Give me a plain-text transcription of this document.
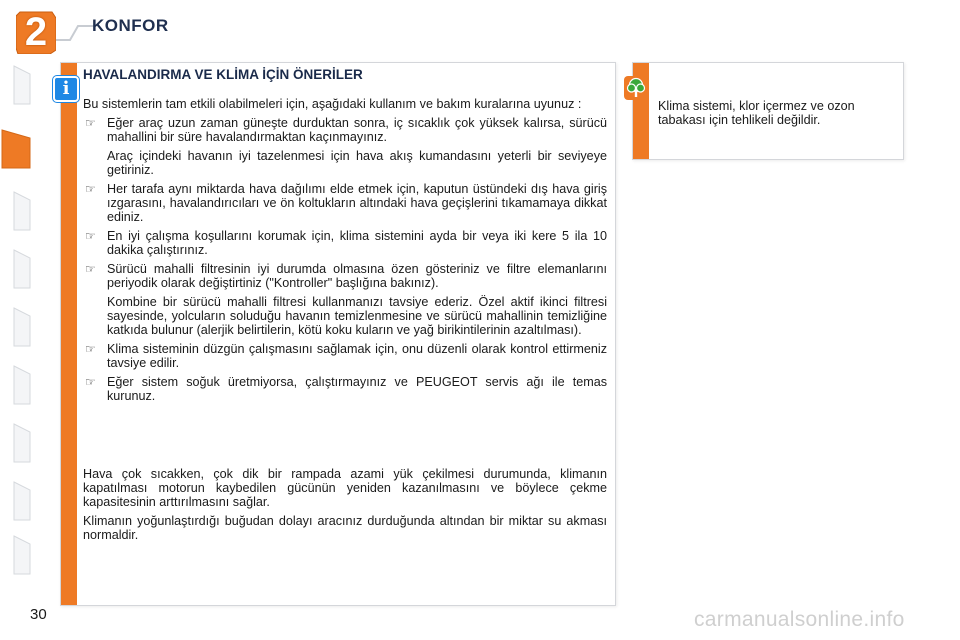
2	KONFOR
HAVALANDIRMA VE KLİMA İÇİN ÖNERİLER

Bu sistemlerin tam etkili olabilmeleri için, aşağıdaki kullanım ve bakım kuralarına uyunuz :

☞ Eğer araç uzun zaman güneşte durduktan sonra, iç sıcaklık çok yüksek kalırsa, sürücü mahallini bir süre havalandırmaktan kaçınmayınız.

Araç içindeki havanın iyi tazelenmesi için hava akış kumandasını yeterli bir seviyeye getiriniz.

☞ Her tarafa aynı miktarda hava dağılımı elde etmek için, kaputun üstündeki dış hava giriş ızgarasını, havalandırıcıları ve ön koltukların altındaki hava geçişlerini tıkamamaya dikkat ediniz.
☞ En iyi çalışma koşullarını korumak için, klima sistemini ayda bir veya iki kere 5 ila 10 dakika çalıştırınız.
☞ Sürücü mahalli filtresinin iyi durumda olmasına özen gösteriniz ve filtre elemanlarını periyodik olarak değiştirtiniz ("Kontroller" başlığına bakınız).

Kombine bir sürücü mahalli filtresi kullanmanızı tavsiye ederiz. Özel aktif ikinci filtresi sayesinde, yolcuların soluduğu havanın temizlenmesine ve sürücü mahallinin temizliğine katkıda bulunur (alerjik belirtilerin, kötü koku kuların ve yağ birikintilerinin azaltılması).

☞ Klima sisteminin düzgün çalışmasını sağlamak için, onu düzenli olarak kontrol ettirmeniz tavsiye edilir.
☞ Eğer sistem soğuk üretmiyorsa, çalıştırmayınız ve PEUGEOT servis ağı ile temas kurunuz.

Hava çok sıcakken, çok dik bir rampada azami yük çekilmesi durumunda, klimanın kapatılması motorun kaybedilen gücünün yeniden kazanılmasını ve böylece çekme kapasitesinin arttırılmasını sağlar.

Klimanın yoğunlaştırdığı buğudan dolayı aracınız durduğunda altından bir miktar su akması normaldir.

i
Klima sistemi, klor içermez ve ozon tabakası için tehlikeli değildir.
30	carmanualsonline.info
